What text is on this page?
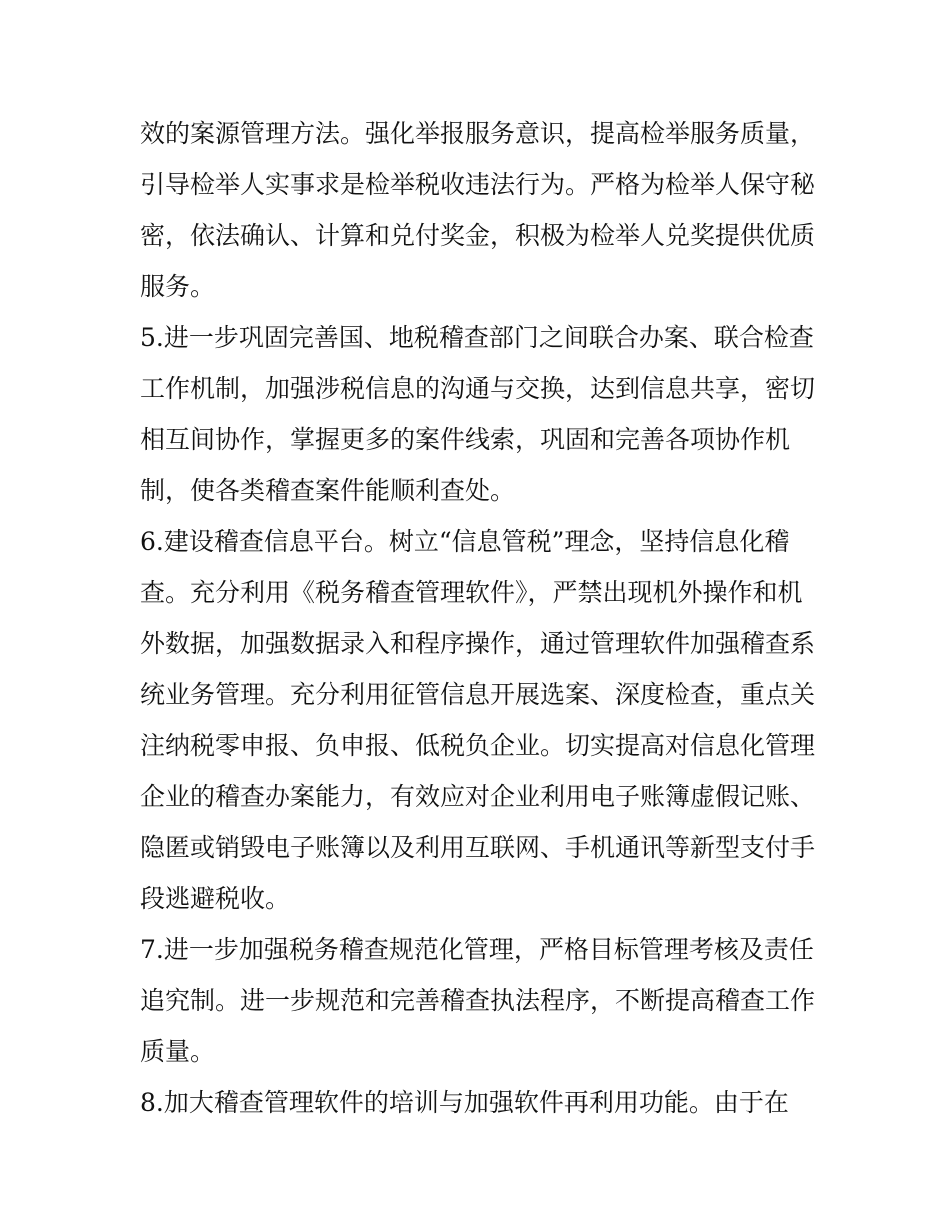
效的案源管理方法。强化举报服务意识，提高检举服务质量，
引导检举人实事求是检举税收违法行为。严格为检举人保守秘
密，依法确认、计算和兑付奖金，积极为检举人兑奖提供优质
服务。
5.进一步巩固完善国、地税稽查部门之间联合办案、联合检查
工作机制，加强涉税信息的沟通与交换，达到信息共享，密切
相互间协作，掌握更多的案件线索，巩固和完善各项协作机
制，使各类稽查案件能顺利查处。
6.建设稽查信息平台。树立“信息管税”理念，坚持信息化稽
查。充分利用《税务稽查管理软件》，严禁出现机外操作和机
外数据，加强数据录入和程序操作，通过管理软件加强稽查系
统业务管理。充分利用征管信息开展选案、深度检查，重点关
注纳税零申报、负申报、低税负企业。切实提高对信息化管理
企业的稽查办案能力，有效应对企业利用电子账簿虚假记账、
隐匿或销毁电子账簿以及利用互联网、手机通讯等新型支付手
段逃避税收。
7.进一步加强税务稽查规范化管理，严格目标管理考核及责任
追究制。进一步规范和完善稽查执法程序，不断提高稽查工作
质量。
8.加大稽查管理软件的培训与加强软件再利用功能。由于在
